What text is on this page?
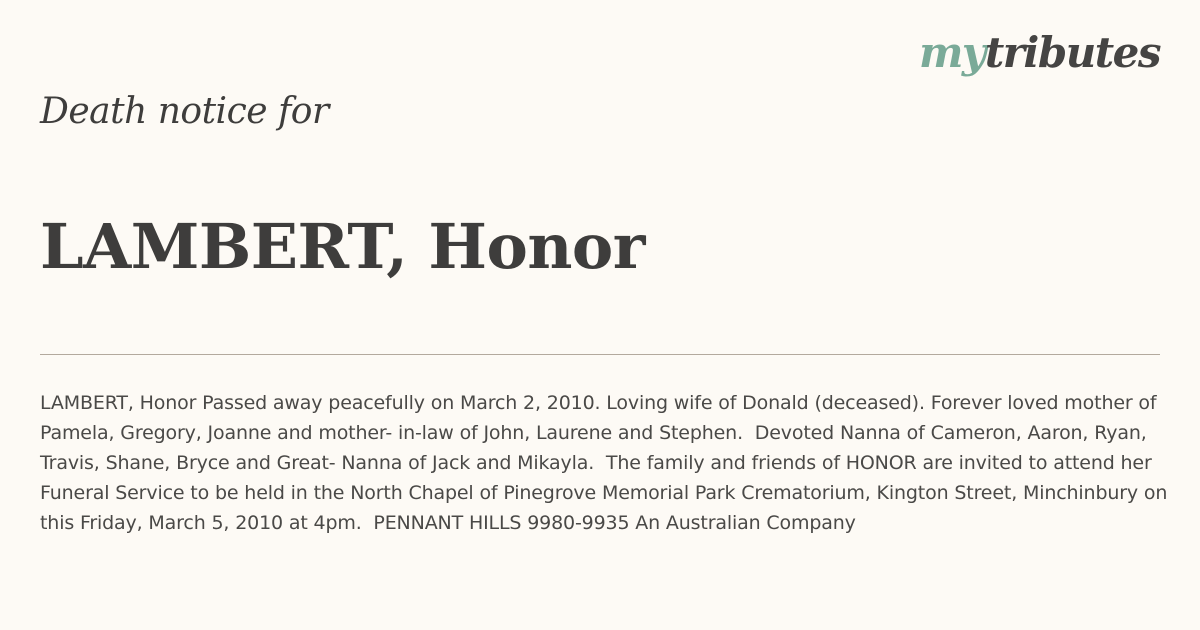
mytributes
Death notice for
LAMBERT, Honor

LAMBERT, Honor Passed away peacefully on March 2, 2010. Loving wife of Donald (deceased). Forever loved mother of Pamela, Gregory, Joanne and mother- in-law of John, Laurene and Stephen.  Devoted Nanna of Cameron, Aaron, Ryan, Travis, Shane, Bryce and Great- Nanna of Jack and Mikayla.  The family and friends of HONOR are invited to attend her Funeral Service to be held in the North Chapel of Pinegrove Memorial Park Crematorium, Kington Street, Minchinbury on this Friday, March 5, 2010 at 4pm.  PENNANT HILLS 9980-9935 An Australian Company
